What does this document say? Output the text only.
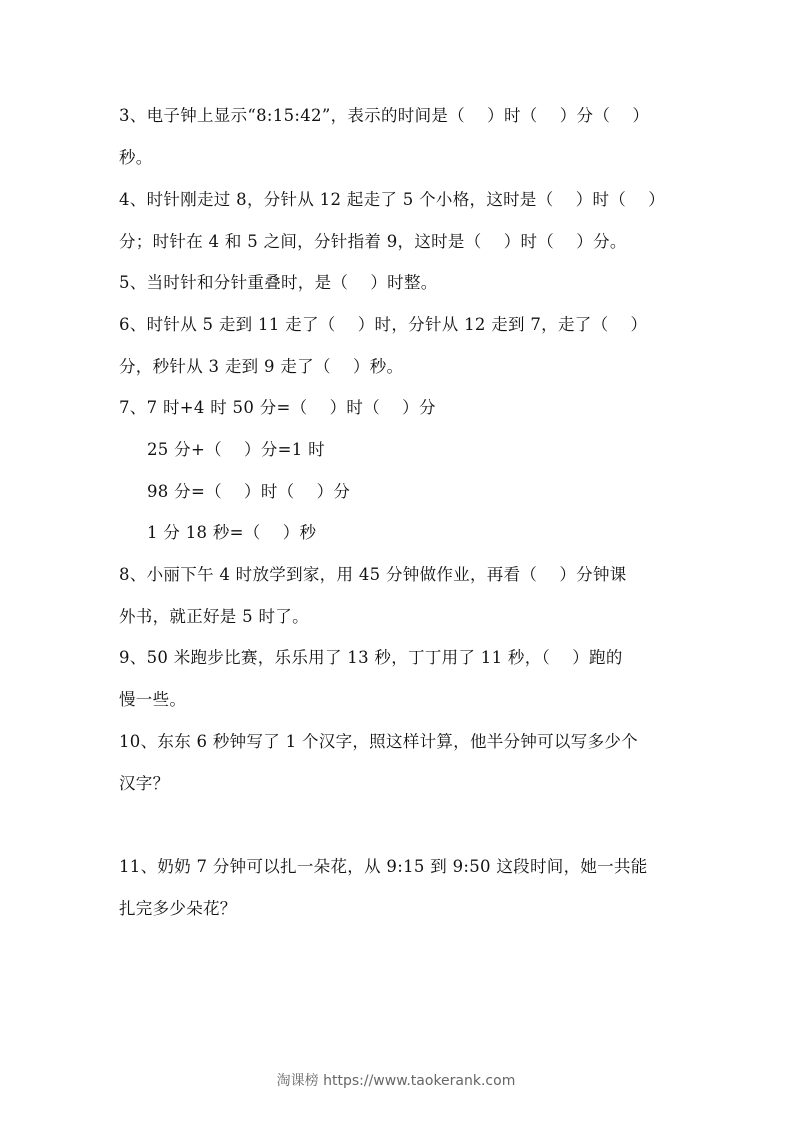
3、电子钟上显示“8:15:42”，表示的时间是（    ）时（    ）分（    ）
秒。
4、时针刚走过 8，分针从 12 起走了 5 个小格，这时是（    ）时（    ）
分；时针在 4 和 5 之间，分针指着 9，这时是（    ）时（    ）分。
5、当时针和分针重叠时，是（    ）时整。
6、时针从 5 走到 11 走了（    ）时，分针从 12 走到 7，走了（    ）
分，秒针从 3 走到 9 走了（    ）秒。
7、7 时+4 时 50 分=（    ）时（    ）分
25 分+（    ）分=1 时
98 分=（    ）时（    ）分
1 分 18 秒=（    ）秒
8、小丽下午 4 时放学到家，用 45 分钟做作业，再看（    ）分钟课
外书，就正好是 5 时了。
9、50 米跑步比赛，乐乐用了 13 秒，丁丁用了 11 秒，（    ）跑的
慢一些。
10、东东 6 秒钟写了 1 个汉字，照这样计算，他半分钟可以写多少个
汉字？
11、奶奶 7 分钟可以扎一朵花，从 9:15 到 9:50 这段时间，她一共能
扎完多少朵花？
淘课榜 https://www.taokerank.com
